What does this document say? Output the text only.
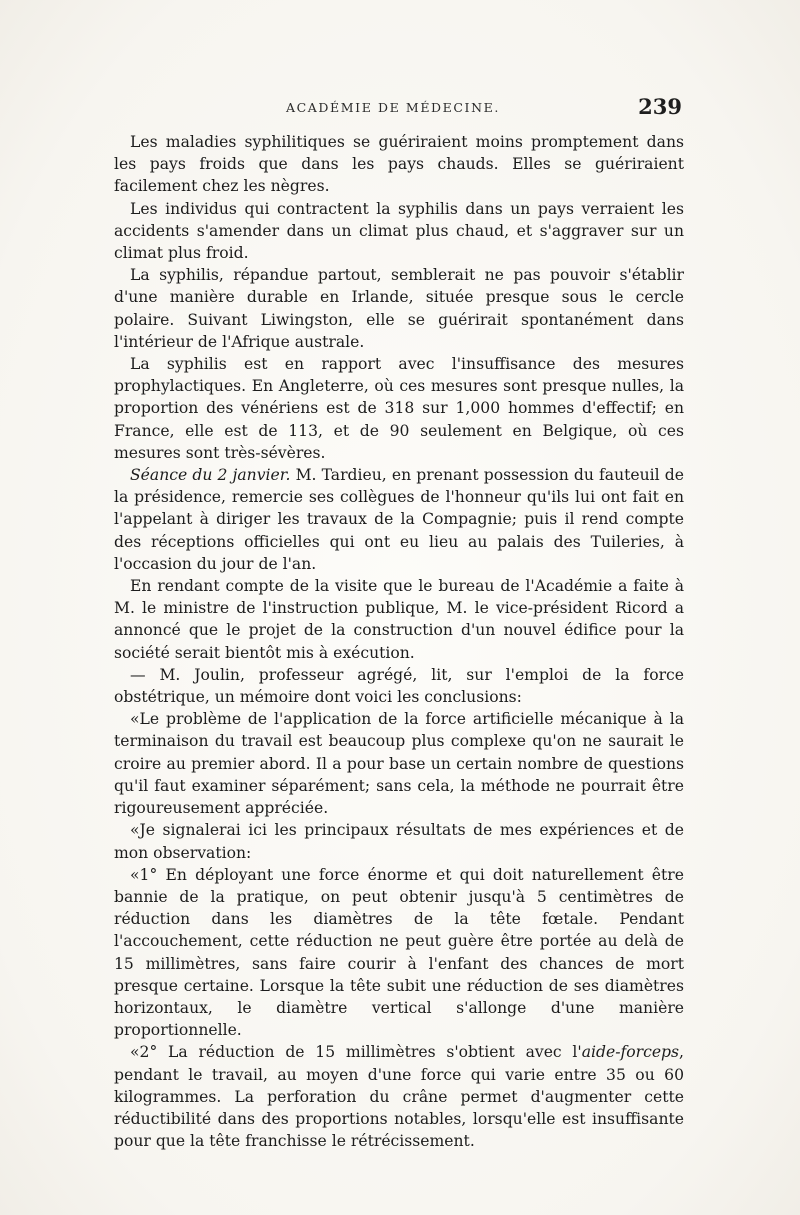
ACADÉMIE DE MÉDECINE.	239

Les maladies syphilitiques se guériraient moins promptement dans les pays froids que dans les pays chauds. Elles se guériraient facilement chez les nègres.

Les individus qui contractent la syphilis dans un pays verraient les accidents s'amender dans un climat plus chaud, et s'aggraver sur un climat plus froid.

La syphilis, répandue partout, semblerait ne pas pouvoir s'établir d'une manière durable en Irlande, située presque sous le cercle polaire. Suivant Liwingston, elle se guérirait spontanément dans l'intérieur de l'Afrique australe.

La syphilis est en rapport avec l'insuffisance des mesures prophylactiques. En Angleterre, où ces mesures sont presque nulles, la proportion des vénériens est de 318 sur 1,000 hommes d'effectif; en France, elle est de 113, et de 90 seulement en Belgique, où ces mesures sont très-sévères.

Séance du 2 janvier. M. Tardieu, en prenant possession du fauteuil de la présidence, remercie ses collègues de l'honneur qu'ils lui ont fait en l'appelant à diriger les travaux de la Compagnie; puis il rend compte des réceptions officielles qui ont eu lieu au palais des Tuileries, à l'occasion du jour de l'an.

En rendant compte de la visite que le bureau de l'Académie a faite à M. le ministre de l'instruction publique, M. le vice-président Ricord a annoncé que le projet de la construction d'un nouvel édifice pour la société serait bientôt mis à exécution.

— M. Joulin, professeur agrégé, lit, sur l'emploi de la force obstétrique, un mémoire dont voici les conclusions:

«Le problème de l'application de la force artificielle mécanique à la terminaison du travail est beaucoup plus complexe qu'on ne saurait le croire au premier abord. Il a pour base un certain nombre de questions qu'il faut examiner séparément; sans cela, la méthode ne pourrait être rigoureusement appréciée.

«Je signalerai ici les principaux résultats de mes expériences et de mon observation:

«1° En déployant une force énorme et qui doit naturellement être bannie de la pratique, on peut obtenir jusqu'à 5 centimètres de réduction dans les diamètres de la tête fœtale. Pendant l'accouchement, cette réduction ne peut guère être portée au delà de 15 millimètres, sans faire courir à l'enfant des chances de mort presque certaine. Lorsque la tête subit une réduction de ses diamètres horizontaux, le diamètre vertical s'allonge d'une manière proportionnelle.

«2° La réduction de 15 millimètres s'obtient avec l'aide-forceps, pendant le travail, au moyen d'une force qui varie entre 35 ou 60 kilogrammes. La perforation du crâne permet d'augmenter cette réductibilité dans des proportions notables, lorsqu'elle est insuffisante pour que la tête franchisse le rétrécissement.
